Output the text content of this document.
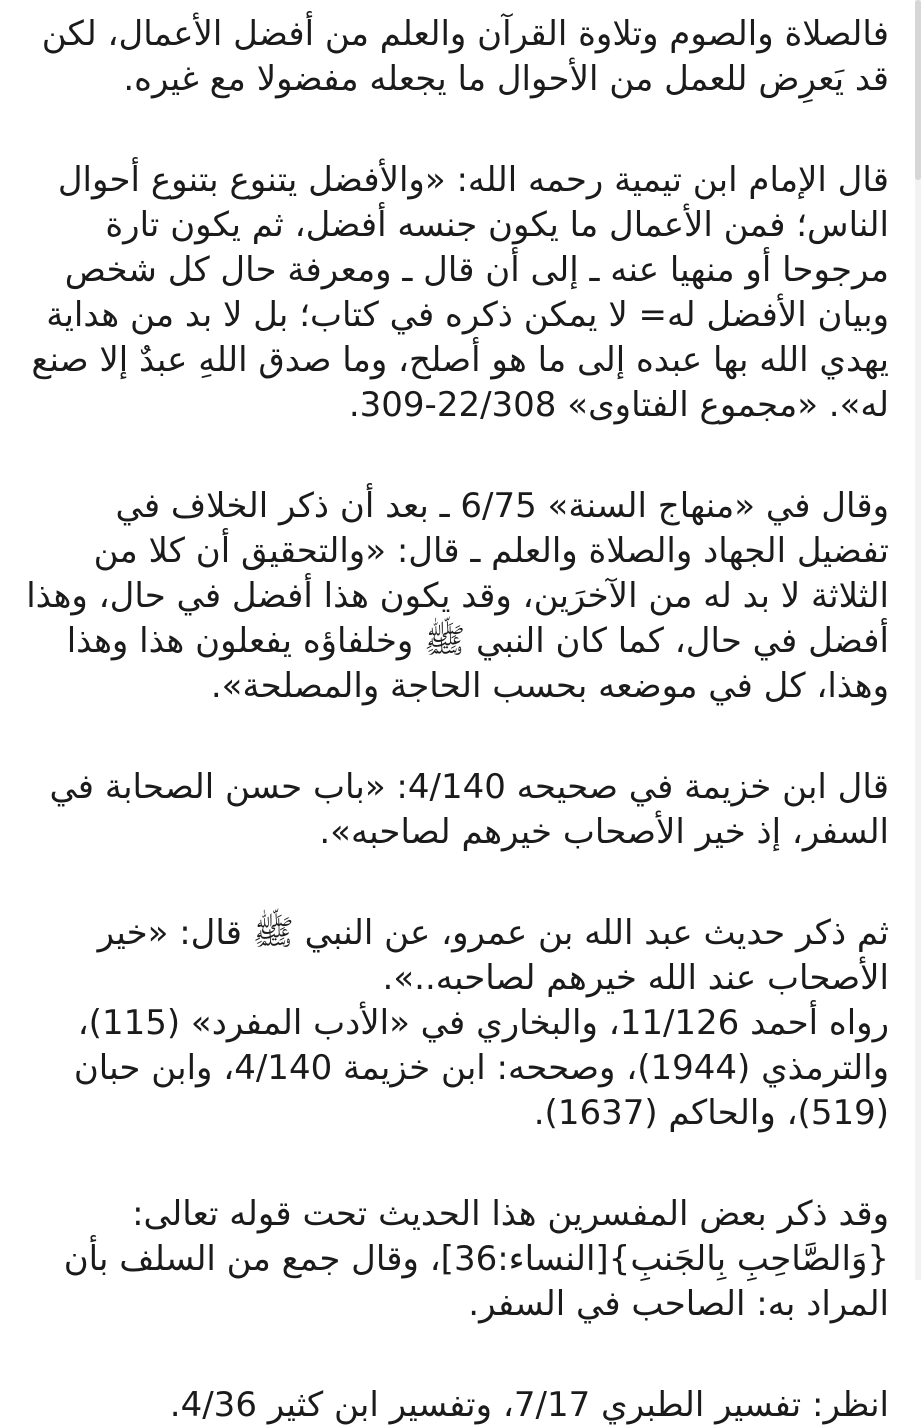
فالصلاة والصوم وتلاوة القرآن والعلم من أفضل الأعمال، لكن قد يَعرِض للعمل من الأحوال ما يجعله مفضولا مع غيره.

قال الإمام ابن تيمية رحمه الله: «والأفضل يتنوع بتنوع أحوال الناس؛ فمن الأعمال ما يكون جنسه أفضل، ثم يكون تارة مرجوحا أو منهيا عنه ـ إلى أن قال ـ ومعرفة حال كل شخص وبيان الأفضل له= لا يمكن ذكره في كتاب؛ بل لا بد من هداية يهدي الله بها عبده إلى ما هو أصلح، وما صدق اللهِ عبدٌ إلا صنع له». «مجموع الفتاوى» 22/308-309.

وقال في «منهاج السنة» 6/75 ـ بعد أن ذكر الخلاف في تفضيل الجهاد والصلاة والعلم ـ قال: «والتحقيق أن كلا من الثلاثة لا بد له من الآخرَين، وقد يكون هذا أفضل في حال، وهذا أفضل في حال، كما كان النبي ﷺ وخلفاؤه يفعلون هذا وهذا وهذا، كل في موضعه بحسب الحاجة والمصلحة».

قال ابن خزيمة في صحيحه 4/140: «باب حسن الصحابة في السفر، إذ خير الأصحاب خيرهم لصاحبه».

ثم ذكر حديث عبد الله بن عمرو، عن النبي ﷺ قال: «خير الأصحاب عند الله خيرهم لصاحبه..».
رواه أحمد 11/126، والبخاري في «الأدب المفرد» (115)، والترمذي (1944)، وصححه: ابن خزيمة 4/140، وابن حبان (519)، والحاكم (1637).

وقد ذكر بعض المفسرين هذا الحديث تحت قوله تعالى: {وَالصَّاحِبِ بِالجَنبِ}[النساء:36]، وقال جمع من السلف بأن المراد به: الصاحب في السفر.

انظر: تفسير الطبري 7/17، وتفسير ابن كثير 4/36.
